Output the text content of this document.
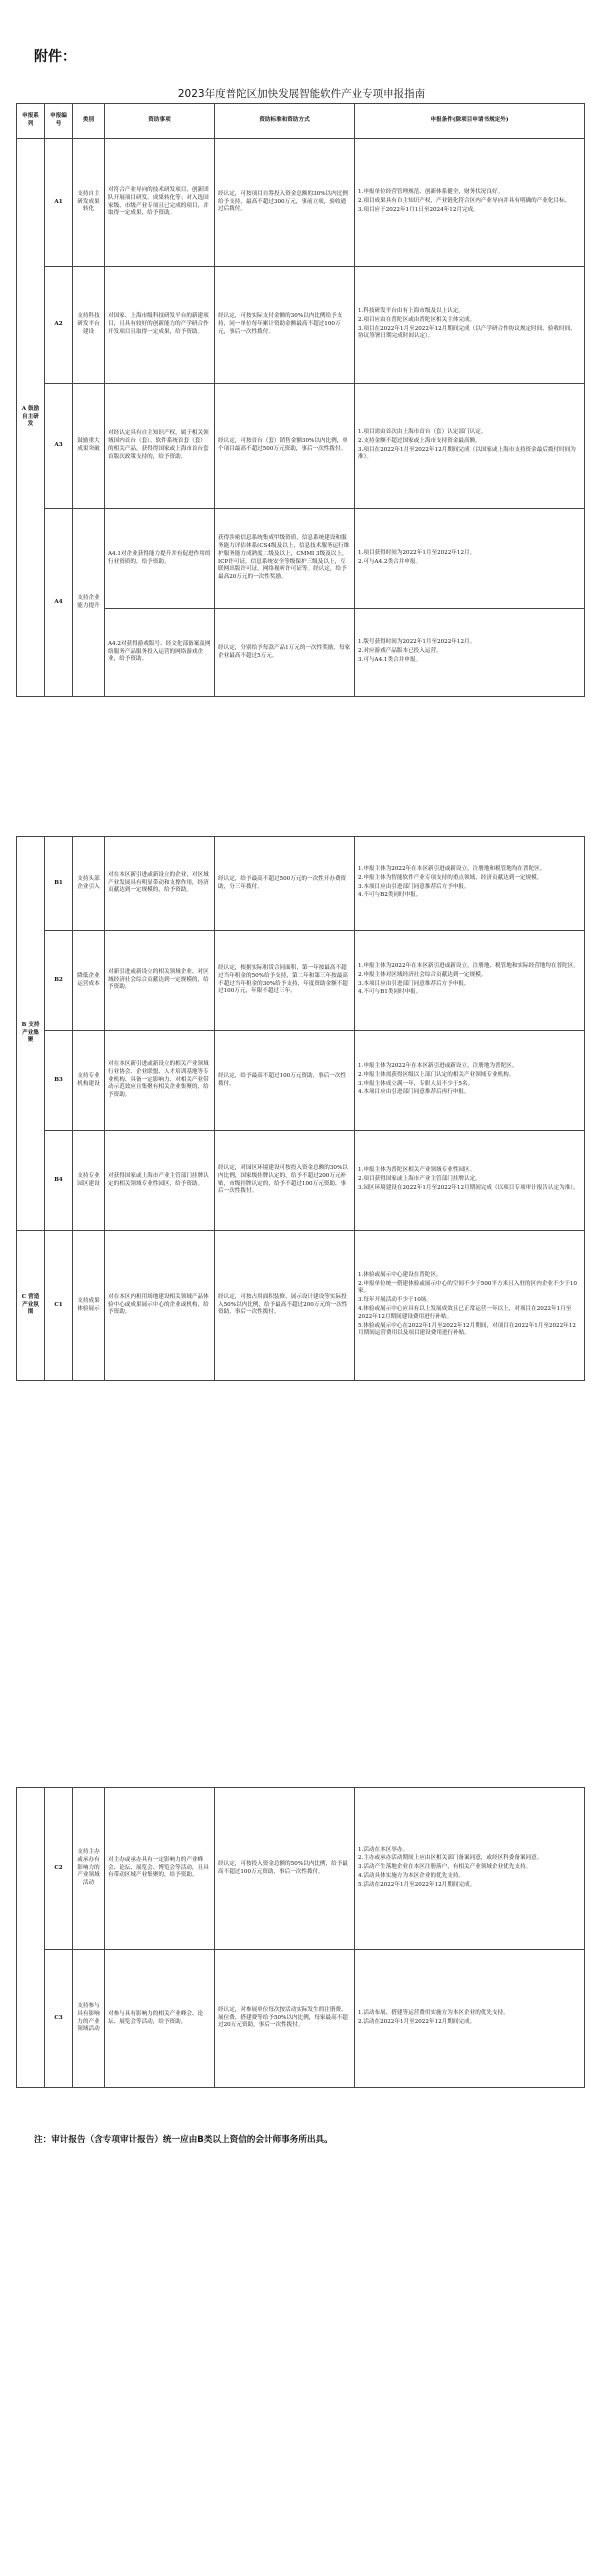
附件：
2023年度普陀区加快发展智能软件产业专项申报指南
申报系列	申报编号	类别	资助事项	资助标准和资助方式	申报条件(除项目申请书规定外)
A 鼓励自主研发	A1	支持自主研发成果转化	对符合产业导向的技术研发项目，创新团队开展项目研发、成果转化等；对入选国家级、市级产业专项且已完成的项目，并取得一定成果，给予资助。	经认定，可按项目自筹投入资金总额的30%以内比例给予支持，最高不超过300万元，事前立项，验收通过后拨付。	1.申报单位经营管理规范、创新体系健全，财务状况良好。
2.项目成果具有自主知识产权，产业链化符合区内产业导向并具有明确的产业化目标。
3.项目应于2022年1月1日至2024年12月完成。

	A2	支持科技研发平台建设	对国家、上海市级科技研发平台的新建项目，且具有较好的创新能力的产学研合作开发项目且取得一定成果，给予资助。	经认定，可按实际支付金额的30%以内比例给予支持，同一单位每年累计资助金额最高不超过100万元，事后一次性拨付。	1.科技研发平台由有上海市级及以上认定。
2.项目应由在普陀区或由普陀区相关主体完成。
3.项目在2022年1月至2022年12月期间完成（以产学研合作协议规定时间、验收时间、协议签署日期完成时间认定）。

	A3	鼓励重大成果突破	对经认定具有自主知识产权，属于相关领域国内首台（套）、软件系统首套（套）的相关产品，获得得国家或上海市首台套首版次政策支持的，给予资助。	经认定，可按首台（套）销售金额30%以内比例，单个项目最高不超过500万元资助，事后一次性拨付。	1.项目需由首次由上海市首台（套）认定部门认定。
2.支持金额不超过国家或上海市支持资金最高额。
3.项目在2022年1月至2022年12月期间完成（以国家或上海市支持资金最后拨付时间为准）。

	A4	支持企业能力提升	A4.1对企业获得能力提升并有促进作用的行业资质的，给予资助。	获得涉密信息系统集成甲级资质，信息系统建设和服务能力评估体系(CS4级及以上，信息技术服务运行维护服务能力成熟度二级及以上，CMMI 3级及以上，ICP许可证，信息系统安全等级保护三级及以上，互联网出版许可证，网络视听许可证等。经认定，给予最高20万元的一次性奖励。	1.项目获得时间为2022年1月至2022年12月。
2.可与A4.2类合并申报。

			A4.2对获得游戏版号、经文化部备案及网络服务产品服务投入运营的网络游戏企业，给予资助。	经认定，分别给予每款产品1万元的一次性奖励，每家企业最高不超过5万元。	1.版号获得时间为2022年1月至2022年12月。
2.对应游戏产品版本已投入运营。
3.可与A4.1类合并申报。
B 支持产业集聚	B1	支持头部企业引入	对在本区新引进或新设立的企业，对区域产业发展具有明显带动和支撑作用，经济贡献达到一定规模的，给予资助。	经认定，给予最高不超过500万元的一次性开办费资助，分三年拨付。	1.申报主体为2022年在本区新引进或新设立，注册地和税管地均在普陀区。
2.申报主体为智能软件产业专项支持的重点领域，经济贡献达到一定规模。
3.本项目应由引进部门同意推荐后方予申报。
4.不可与B2类同时申报。

	B2	降低企业运营成本	对新引进或新设立的相关领域企业、对区域经济社会综合贡献达到一定规模的，给予资助。	经认定，根据实际租赁合同面积，第一年按最高不超过当年租金的50%给予支持，第二年和第三年按最高不超过当年租金的30%给予支持，年度资助金额不超过100万元，年限不超过三年。	1.申报主体为2022年在本区新引进或新设立，注册地、税管地和实际经营地均在普陀区。
2.申报主体对区域经济社会综合贡献达到一定规模。
3.本项目应由引进部门同意推荐后方予申报。
4.不可与B1类同时申报。

	B3	支持专业机构建设	对在本区新引进或新设立的相关产业领域行业协会、企业联盟、人才培训基地等专业机构、具备一定影响力、对相关产业带动示范效应且集聚有相关企业集聚的，给予资助。	经认定，给予最高不超过100万元资助，事后一次性拨付。	1.申报主体为2022年在本区新引进或新设立，注册地为普陀区。
2.申报主体需获得区级以上部门认定的相关产业领域专业机构。
3.申报主体成立满一年，专职人员不少于5名。
4.本项目应由引进部门同意推荐后再行申报。

	B4	支持专业园区建设	对获得国家或上海市产业主管部门挂牌认定的相关领域专业性园区，给予资助。	经认定，对园区环境建设可按投入资金总额的30%以内比例，国家级挂牌认定的，给予不超过200万元补贴，市级挂牌认定的，给予不超过100万元资助，事后一次性拨付。	1.申报主体为普陀区相关产业领域专业性园区。
2.项目获得国家或上海市产业主管部门挂牌认定。
3.园区环境建设在2022年1月至2022年12月期间完成（以项目专项审计报告认定为准）。

C 营造产业氛围	C1	支持成果体验展示	对在本区内租用场地建设相关领域产品体验中心或成果展示中心的企业或机构，给予资助。	经认定，可按占用面积装修、展示设计建设等实际投入50%以内比例，给予最高不超过200万元的一次性资助，事后一次性拨付。	1.体验或展示中心建设在普陀区。
2.申报单位统一搭建体验或展示中心的空间不少于500平方米且入驻的区内企业不少于10家。
3.每年开展活动不少于10场。
4.体验或展示中心应具有以上发展成效且已正常运营一年以上，对项目在2022年1月至2022年12月期间建设费用进行补贴。
5.体验或展示中心在2022年1月至2022年12月期间，对项目在2022年1月至2022年12月期间运营费用以及项目建设费用进行补贴。
	C2	支持主办或承办有影响力的产业领域活动	对主办或承办具有一定影响力的产业峰会、论坛、展览会、博览会等活动，且具有带动区域产业集聚的，给予资助。	经认定，可按投入资金总额的50%以内比例，给予最高不超过100万元资助，事后一次性拨付。	1.活动在本区举办。
2.主办或承办活动期间上应由区相关部门备案同意，或经区科委备案同意。
3.活动产生落地企业在本区注册落户，有相关产业领域企业优先支持。
4.活动具体实施方为本区企业的优先支持。
5.活动在2022年1月至2022年12月期间完成。

	C3	支持参与具有影响力的产业领域活动	对参与具有影响力的相关产业峰会、论坛、展览会等活动，给予资助。	经认定，对参展单位每次按活动实际发生的注册费、展位费、搭建费等给予50%以内比例，每家最高不超过20万元资助，事后一次性拨付。	1.活动布展、搭建等运营费用实施方为本区企业的优先支持。
2.活动在2022年1月至2022年12月期间完成。
注：审计报告（含专项审计报告）统一应由B类以上资信的会计师事务所出具。
